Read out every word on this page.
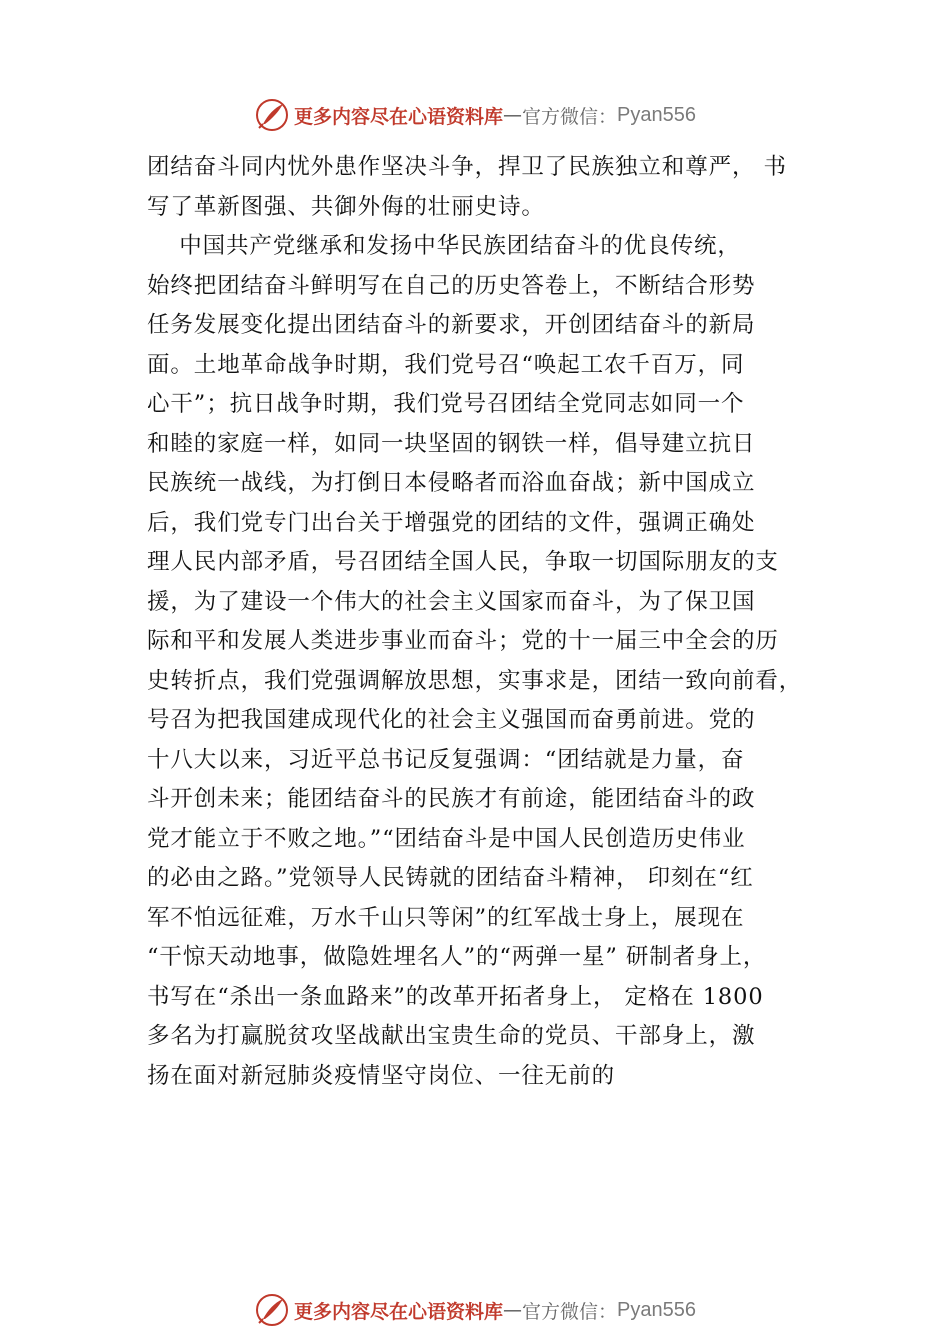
更多内容尽在心语资料库 — 官方微信： Pyan556
团结奋斗同内忧外患作坚决斗争，捍卫了民族独立和尊严， 书
写了革新图强、共御外侮的壮丽史诗。
中国共产党继承和发扬中华民族团结奋斗的优良传统，
始终把团结奋斗鲜明写在自己的历史答卷上，不断结合形势
任务发展变化提出团结奋斗的新要求，开创团结奋斗的新局
面。土地革命战争时期，我们党号召“唤起工农千百万，同
心干”；抗日战争时期，我们党号召团结全党同志如同一个
和睦的家庭一样，如同一块坚固的钢铁一样，倡导建立抗日
民族统一战线，为打倒日本侵略者而浴血奋战；新中国成立
后，我们党专门出台关于增强党的团结的文件，强调正确处
理人民内部矛盾，号召团结全国人民，争取一切国际朋友的支
援，为了建设一个伟大的社会主义国家而奋斗，为了保卫国
际和平和发展人类进步事业而奋斗；党的十一届三中全会的历
史转折点，我们党强调解放思想，实事求是，团结一致向前看，
号召为把我国建成现代化的社会主义强国而奋勇前进。党的
十八大以来，习近平总书记反复强调：“团结就是力量，奋
斗开创未来；能团结奋斗的民族才有前途，能团结奋斗的政
党才能立于不败之地。”“团结奋斗是中国人民创造历史伟业
的必由之路。”党领导人民铸就的团结奋斗精神， 印刻在“红
军不怕远征难，万水千山只等闲”的红军战士身上，展现在
“干惊天动地事，做隐姓埋名人”的“两弹一星” 研制者身上，
书写在“杀出一条血路来”的改革开拓者身上， 定格在 1800
多名为打赢脱贫攻坚战献出宝贵生命的党员、干部身上，激
扬在面对新冠肺炎疫情坚守岗位、一往无前的
更多内容尽在心语资料库 — 官方微信： Pyan556
